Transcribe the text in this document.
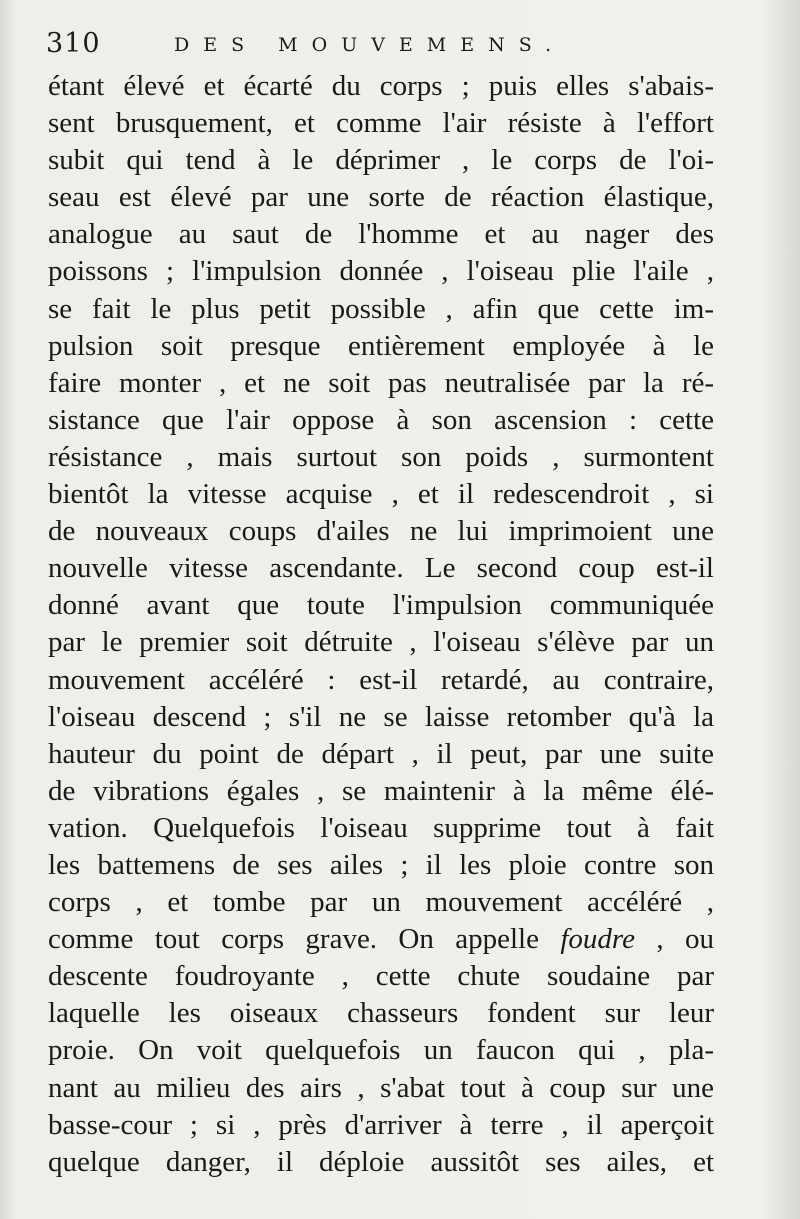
310	DES MOUVEMENS.
étant élevé et écarté du corps ; puis elles s'abais-
sent brusquement, et comme l'air résiste à l'effort
subit qui tend à le déprimer , le corps de l'oi-
seau est élevé par une sorte de réaction élastique,
analogue au saut de l'homme et au nager des
poissons ; l'impulsion donnée , l'oiseau plie l'aile ,
se fait le plus petit possible , afin que cette im-
pulsion soit presque entièrement employée à le
faire monter , et ne soit pas neutralisée par la ré-
sistance que l'air oppose à son ascension : cette
résistance , mais surtout son poids , surmontent
bientôt la vitesse acquise , et il redescendroit , si
de nouveaux coups d'ailes ne lui imprimoient une
nouvelle vitesse ascendante. Le second coup est-il
donné avant que toute l'impulsion communiquée
par le premier soit détruite , l'oiseau s'élève par un
mouvement accéléré : est-il retardé, au contraire,
l'oiseau descend ; s'il ne se laisse retomber qu'à la
hauteur du point de départ , il peut, par une suite
de vibrations égales , se maintenir à la même élé-
vation. Quelquefois l'oiseau supprime tout à fait
les battemens de ses ailes ; il les ploie contre son
corps , et tombe par un mouvement accéléré ,
comme tout corps grave. On appelle foudre , ou
descente foudroyante , cette chute soudaine par
laquelle les oiseaux chasseurs fondent sur leur
proie. On voit quelquefois un faucon qui , pla-
nant au milieu des airs , s'abat tout à coup sur une
basse-cour ; si , près d'arriver à terre , il aperçoit
quelque danger, il déploie aussitôt ses ailes, et
